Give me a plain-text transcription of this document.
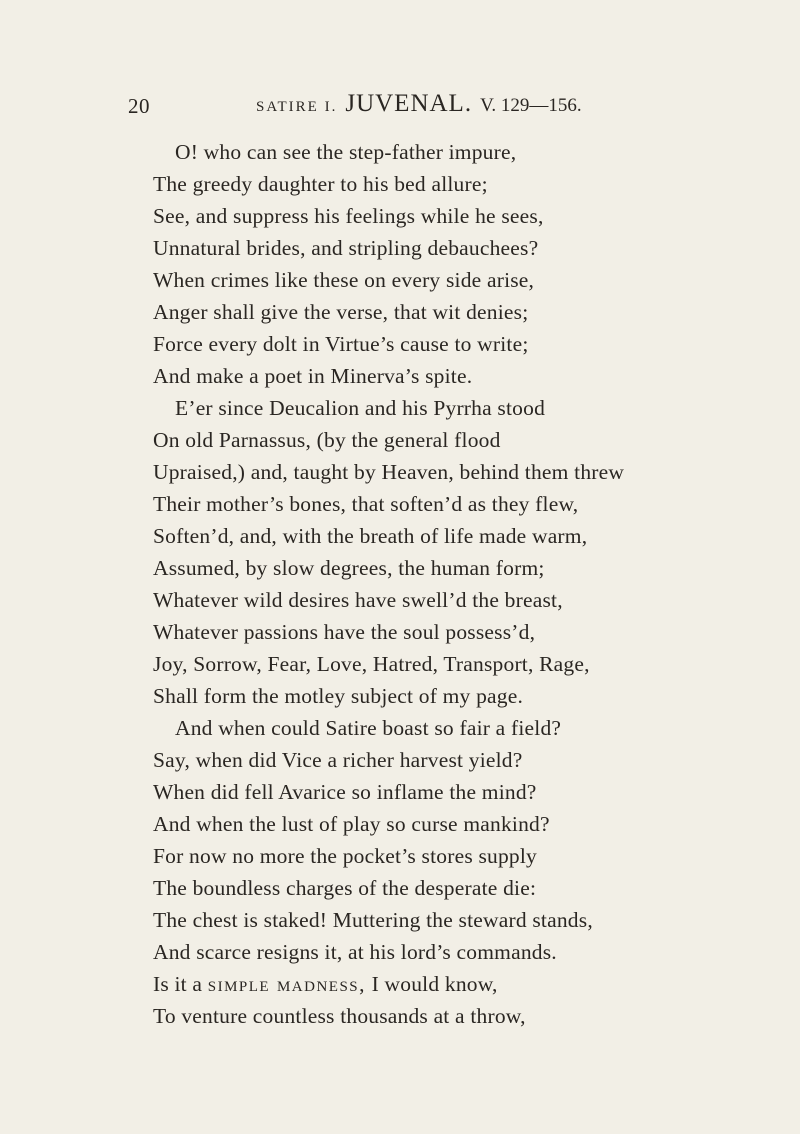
20	SATIRE I. JUVENAL. V. 129—156.
O! who can see the step-father impure,
The greedy daughter to his bed allure;
See, and suppress his feelings while he sees,
Unnatural brides, and stripling debauchees?
When crimes like these on every side arise,
Anger shall give the verse, that wit denies;
Force every dolt in Virtue’s cause to write;
And make a poet in Minerva’s spite.
E’er since Deucalion and his Pyrrha stood
On old Parnassus, (by the general flood
Upraised,) and, taught by Heaven, behind them threw
Their mother’s bones, that soften’d as they flew,
Soften’d, and, with the breath of life made warm,
Assumed, by slow degrees, the human form;
Whatever wild desires have swell’d the breast,
Whatever passions have the soul possess’d,
Joy, Sorrow, Fear, Love, Hatred, Transport, Rage,
Shall form the motley subject of my page.
And when could Satire boast so fair a field?
Say, when did Vice a richer harvest yield?
When did fell Avarice so inflame the mind?
And when the lust of play so curse mankind?
For now no more the pocket’s stores supply
The boundless charges of the desperate die:
The chest is staked! Muttering the steward stands,
And scarce resigns it, at his lord’s commands.
Is it a simple madness, I would know,
To venture countless thousands at a throw,
